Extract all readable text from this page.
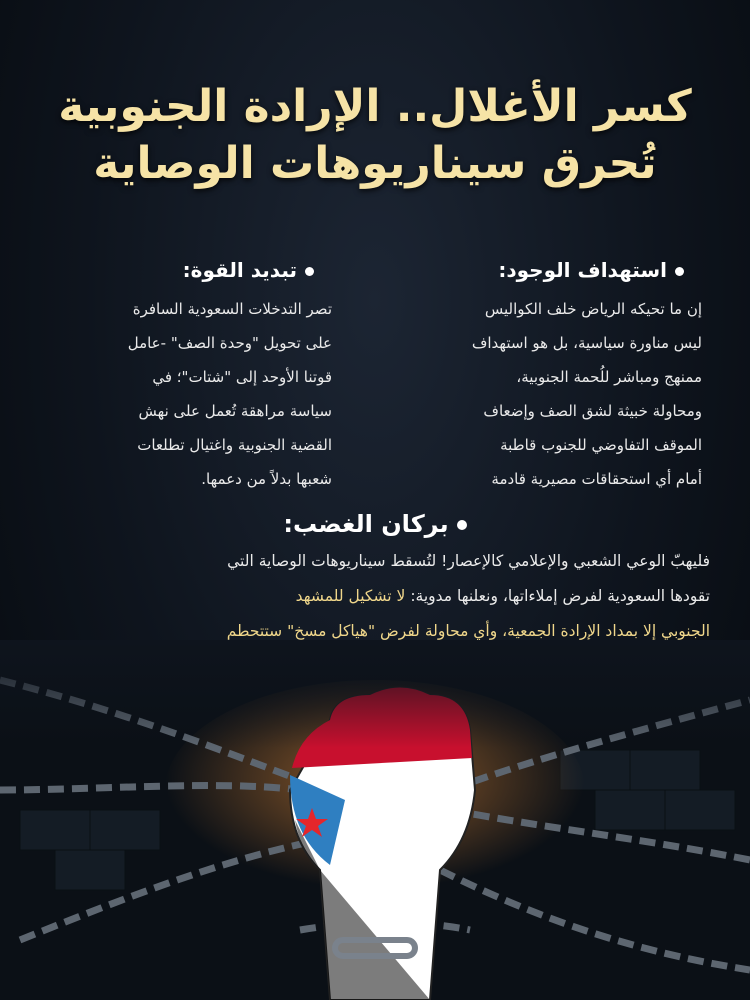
كسر الأغلال.. الإرادة الجنوبية
تُحرق سيناريوهات الوصاية
استهداف الوجود:

إن ما تحيكه الرياض خلف الكواليس

ليس مناورة سياسية، بل هو استهداف

ممنهج ومباشر للُحمة الجنوبية،

ومحاولة خبيثة لشق الصف وإضعاف

الموقف التفاوضي للجنوب قاطبة

أمام أي استحقاقات مصيرية قادمة

تبديد القوة:

تصر التدخلات السعودية السافرة

على تحويل "وحدة الصف" -عامل

قوتنا الأوحد إلى "شتات"؛ في

سياسة مراهقة تُعمل على نهش

القضية الجنوبية واغتيال تطلعات

شعبها بدلاً من دعمها.

بركان الغضب:

فليهبّ الوعي الشعبي والإعلامي كالإعصار! لتُسقط سيناريوهات الوصاية التي

تقودها السعودية لفرض إملاءاتها، ونعلنها مدوية: لا تشكيل للمشهد

الجنوبي إلا بمداد الإرادة الجمعية، وأي محاولة لفرض "هياكل مسخ" ستتحطم
